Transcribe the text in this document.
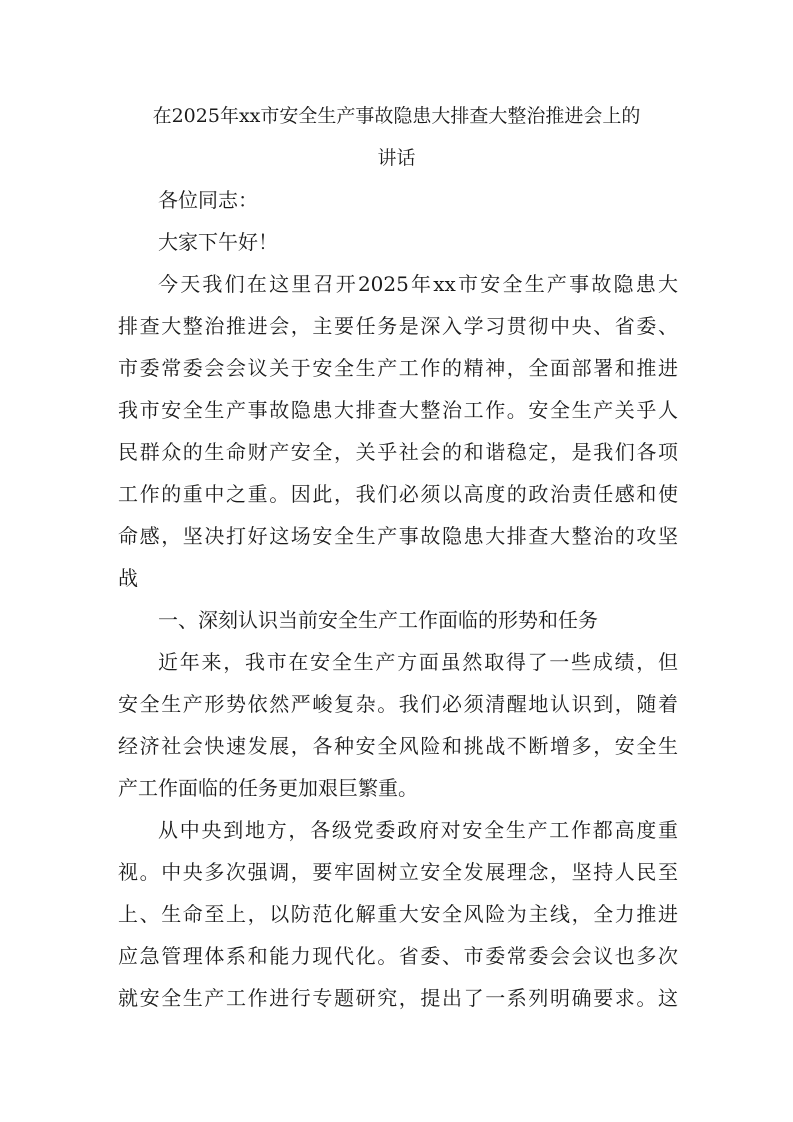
在2025年xx市安全生产事故隐患大排查大整治推进会上的
讲话
各位同志：
大家下午好！
今天我们在这里召开2025年xx市安全生产事故隐患大
排查大整治推进会，主要任务是深入学习贯彻中央、省委、
市委常委会会议关于安全生产工作的精神，全面部署和推进
我市安全生产事故隐患大排查大整治工作。安全生产关乎人
民群众的生命财产安全，关乎社会的和谐稳定，是我们各项
工作的重中之重。因此，我们必须以高度的政治责任感和使
命感，坚决打好这场安全生产事故隐患大排查大整治的攻坚
战
一、深刻认识当前安全生产工作面临的形势和任务
近年来，我市在安全生产方面虽然取得了一些成绩，但
安全生产形势依然严峻复杂。我们必须清醒地认识到，随着
经济社会快速发展，各种安全风险和挑战不断增多，安全生
产工作面临的任务更加艰巨繁重。
从中央到地方，各级党委政府对安全生产工作都高度重
视。中央多次强调，要牢固树立安全发展理念，坚持人民至
上、生命至上，以防范化解重大安全风险为主线，全力推进
应急管理体系和能力现代化。省委、市委常委会会议也多次
就安全生产工作进行专题研究，提出了一系列明确要求。这
